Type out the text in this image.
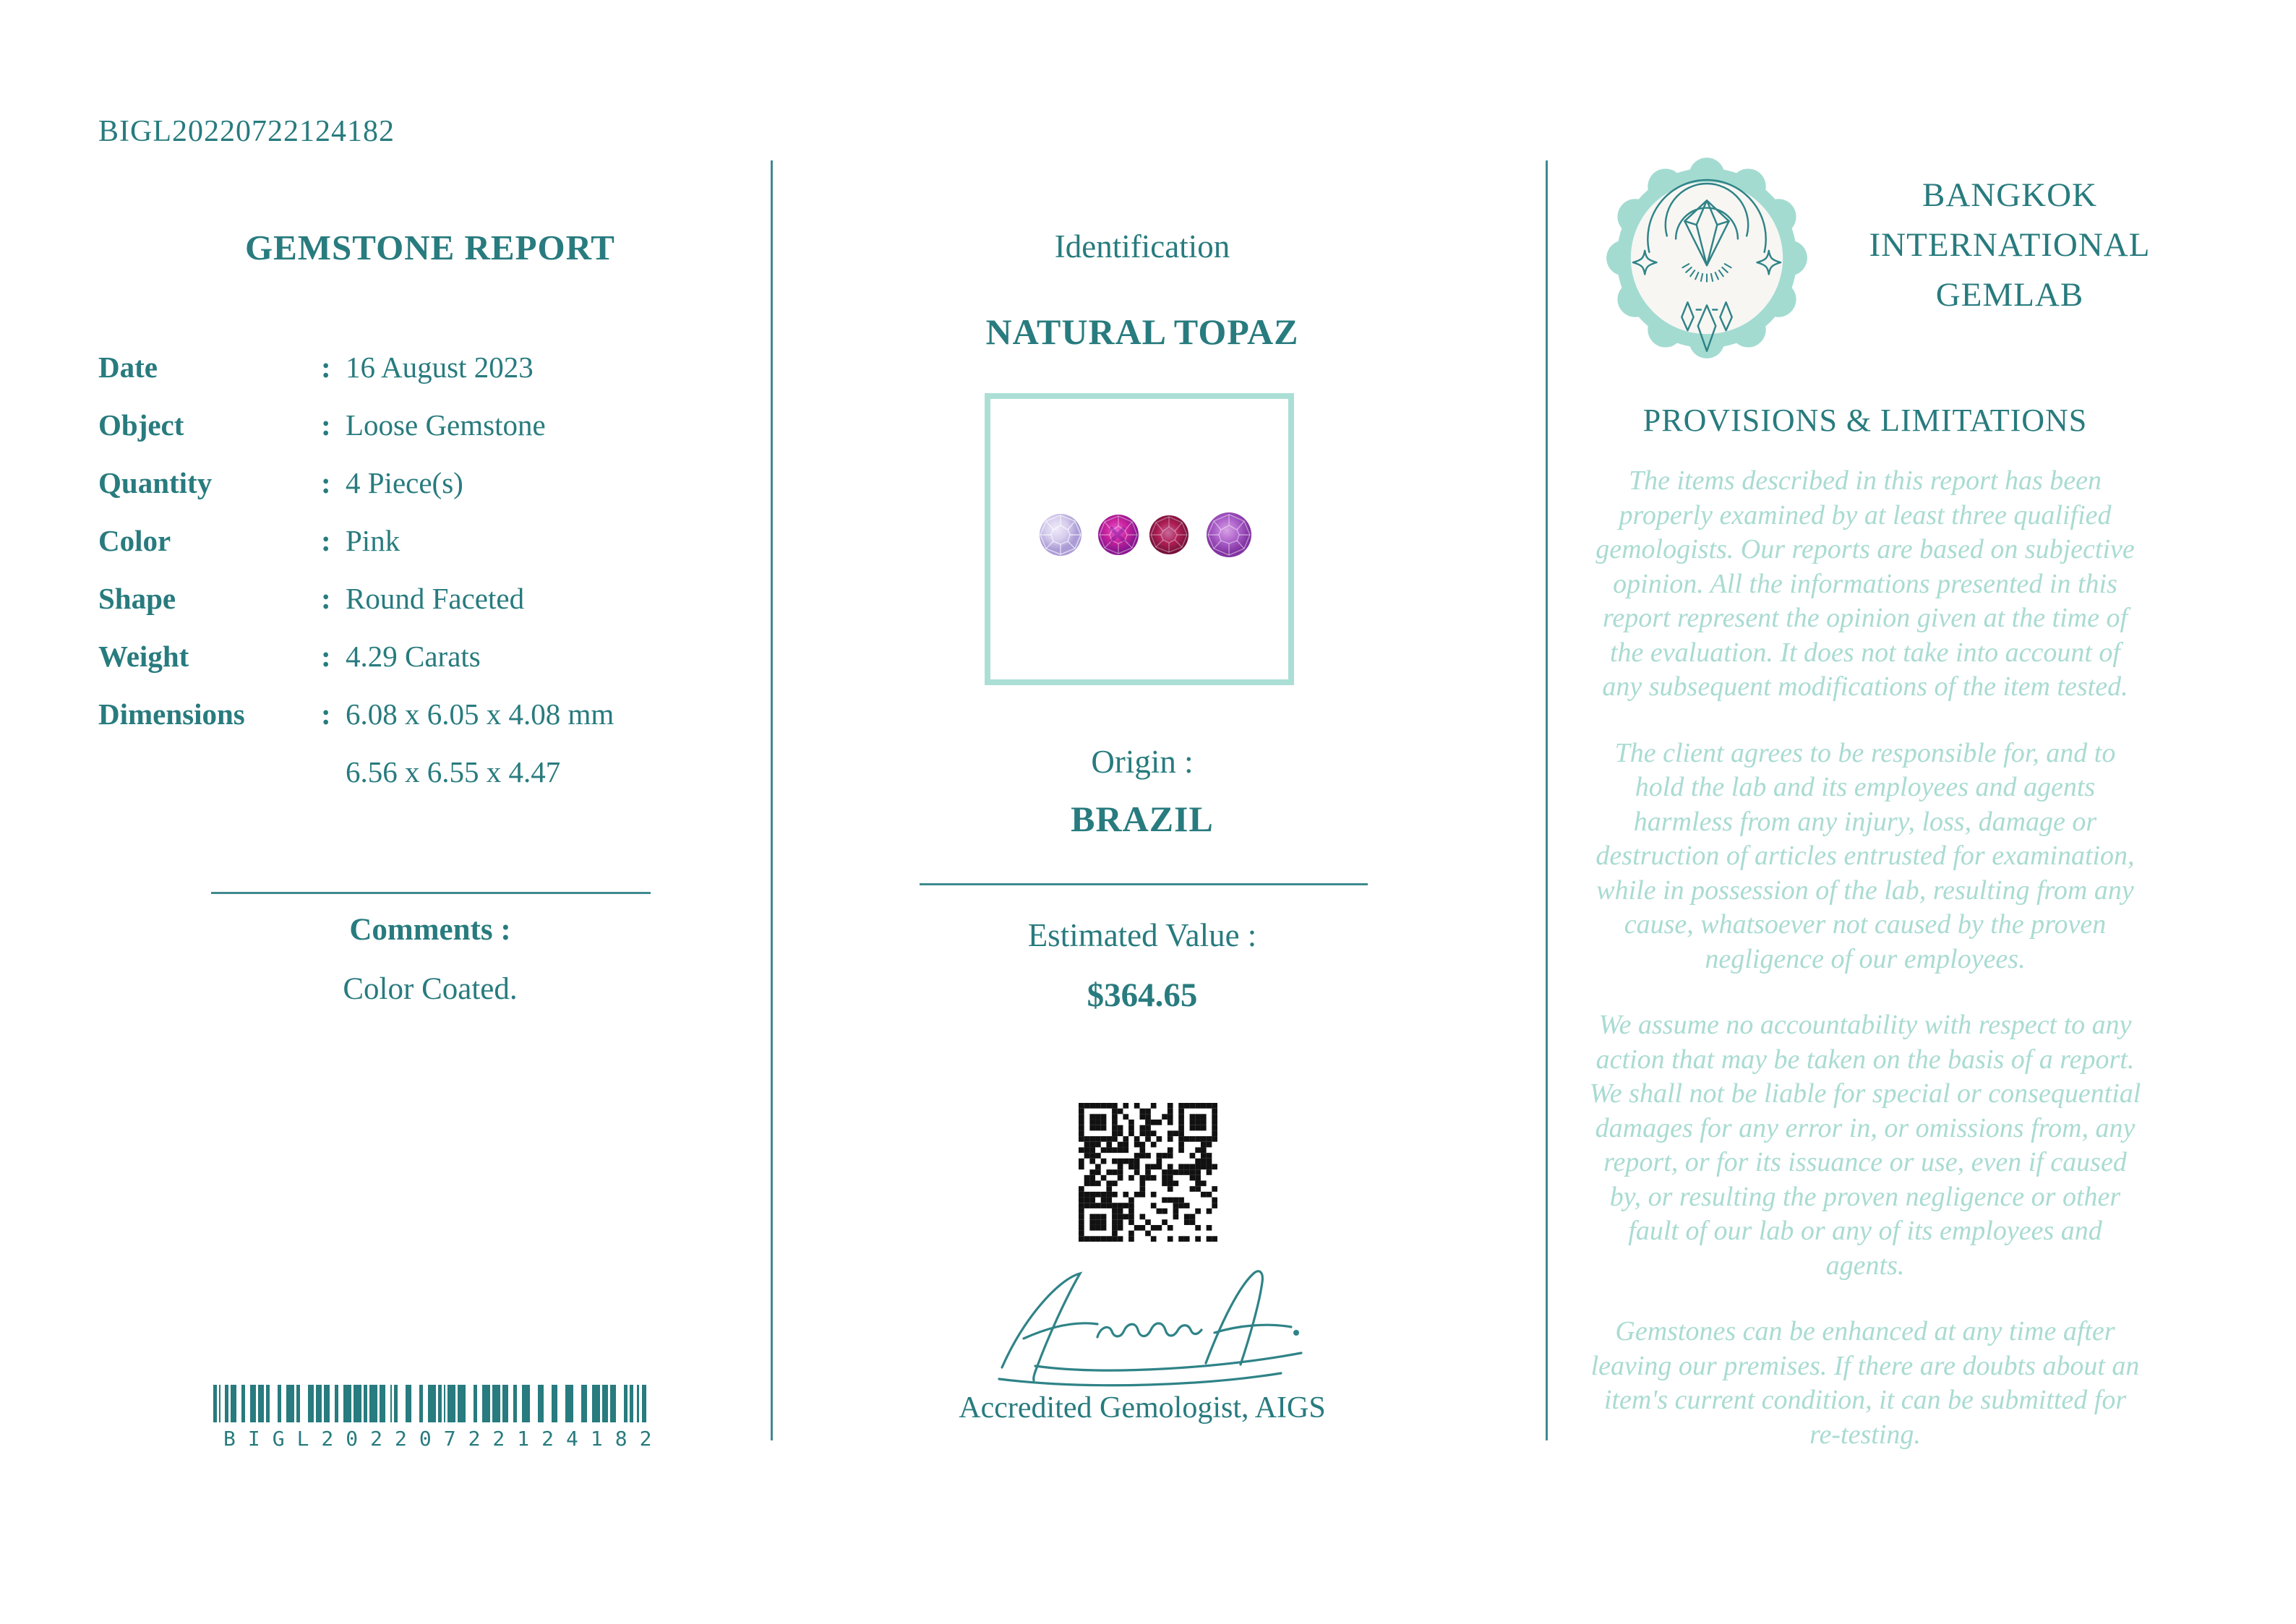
BIGL20220722124182
GEMSTONE REPORT
Date	: 16 August 2023
Object	: Loose Gemstone
Quantity	: 4 Piece(s)
Color	: Pink
Shape	: Round Faceted
Weight	: 4.29 Carats
Dimensions	: 6.08 x 6.05 x 4.08 mm
6.56 x 6.55 x 4.47
Comments :
Color Coated.
BIGL20220722124182
Identification
NATURAL TOPAZ
Origin :
BRAZIL
Estimated Value :
$364.65
Accredited Gemologist, AIGS
BANGKOK
INTERNATIONAL
GEMLAB
PROVISIONS & LIMITATIONS

The items described in this report has been properly examined by at least three qualified gemologists. Our reports are based on subjective opinion. All the informations presented in this report represent the opinion given at the time of the evaluation. It does not take into account of any subsequent modifications of the item tested.

The client agrees to be responsible for, and to hold the lab and its employees and agents harmless from any injury, loss, damage or destruction of articles entrusted for examination, while in possession of the lab, resulting from any cause, whatsoever not caused by the proven negligence of our employees.

We assume no accountability with respect to any action that may be taken on the basis of a report. We shall not be liable for special or consequential damages for any error in, or omissions from, any report, or for its issuance or use, even if caused by, or resulting the proven negligence or other fault of our lab or any of its employees and agents.

Gemstones can be enhanced at any time after leaving our premises. If there are doubts about an item's current condition, it can be submitted for re-testing.
